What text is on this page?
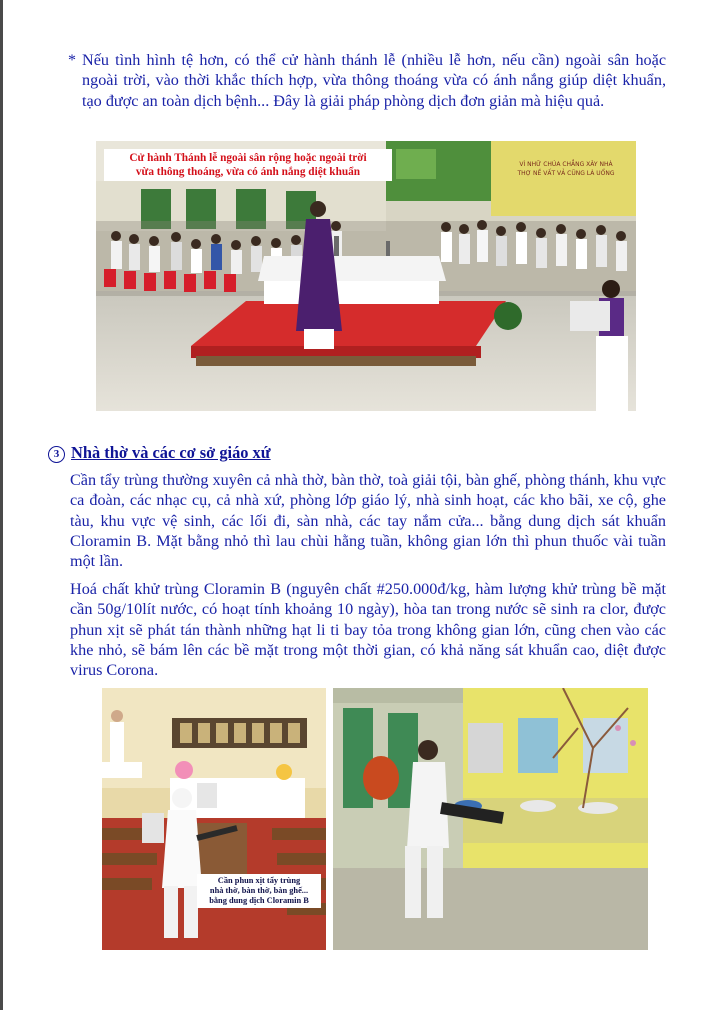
* Nếu tình hình tệ hơn, có thể cử hành thánh lễ (nhiều lễ hơn, nếu cần) ngoài sân hoặc ngoài trời, vào thời khắc thích hợp, vừa thông thoáng vừa có ánh nắng giúp diệt khuẩn, tạo được an toàn dịch bệnh... Đây là giải pháp phòng dịch đơn giản mà hiệu quả.
VÌ NHỮ CHÚA CHẲNG XÂY NHÀ
THỢ NỀ VẤT VẢ CŨNG LÀ UỔNG
Cử hành Thánh lễ ngoài sân rộng hoặc ngoài trời
vừa thông thoáng, vừa có ánh nắng diệt khuẩn
3 Nhà thờ và các cơ sở giáo xứ
Cần tẩy trùng thường xuyên cả nhà thờ, bàn thờ, toà giải tội, bàn ghế, phòng thánh, khu vực ca đoàn, các nhạc cụ, cả nhà xứ, phòng lớp giáo lý, nhà sinh hoạt, các kho bãi, xe cộ, ghe tàu, khu vực vệ sinh, các lối đi, sàn nhà, các tay nắm cửa... bằng dung dịch sát khuẩn Cloramin B. Mặt bằng nhỏ thì lau chùi hằng tuần, không gian lớn thì phun thuốc vài tuần một lần.
Hoá chất khử trùng Cloramin B (nguyên chất #250.000đ/kg, hàm lượng khử trùng bề mặt cần 50g/10lít nước, có hoạt tính khoảng 10 ngày), hòa tan trong nước sẽ sinh ra clor, được phun xịt sẽ phát tán thành những hạt li ti bay tỏa trong không gian lớn, cũng chen vào các khe nhỏ, sẽ bám lên các bề mặt trong một thời gian, có khả năng sát khuẩn cao, diệt được virus Corona.
Cần phun xịt tẩy trùng
nhà thờ, bàn thờ, bàn ghế...
bằng dung dịch Cloramin B
